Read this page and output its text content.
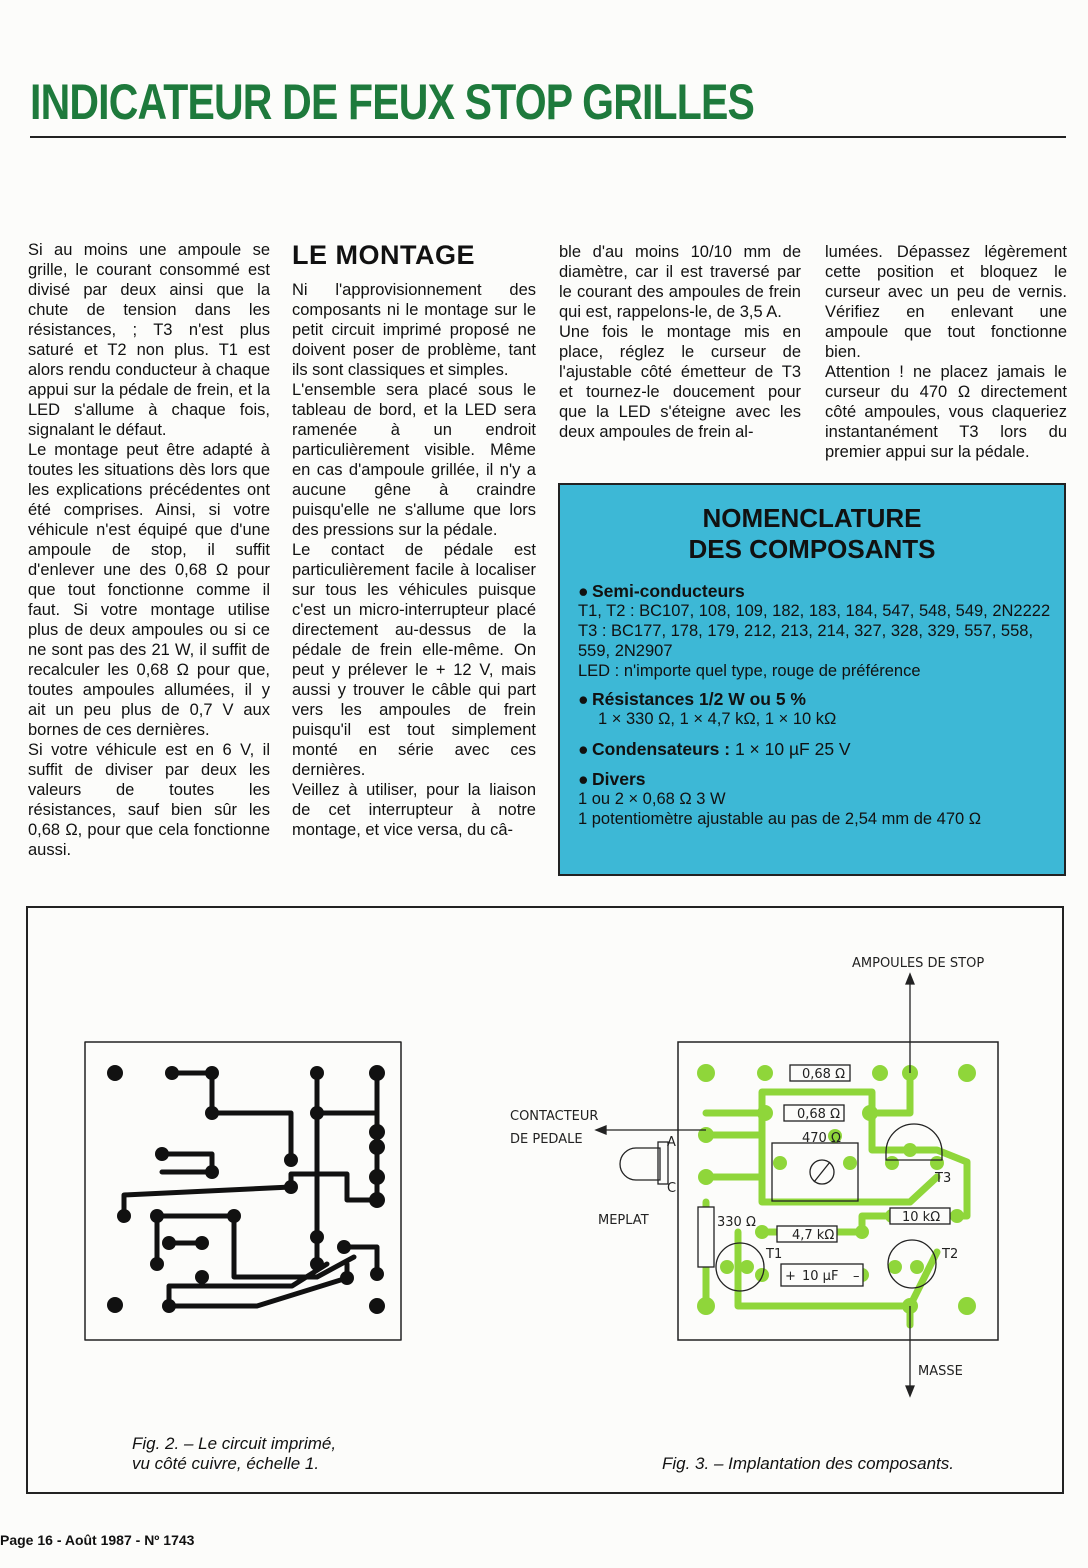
INDICATEUR DE FEUX STOP GRILLES

Si au moins une ampoule se grille, le courant consommé est divisé par deux ainsi que la chute de tension dans les résistances, ; T3 n'est plus saturé et T2 non plus. T1 est alors rendu conducteur à chaque appui sur la pédale de frein, et la LED s'allume à chaque fois, signalant le défaut.

Le montage peut être adapté à toutes les situations dès lors que les explications précédentes ont été comprises. Ainsi, si votre véhicule n'est équipé que d'une ampoule de stop, il suffit d'enlever une des 0,68 Ω pour que tout fonctionne comme il faut. Si votre montage utilise plus de deux ampoules ou si ce ne sont pas des 21 W, il suffit de recalculer les 0,68 Ω pour que, toutes ampoules allumées, il y ait un peu plus de 0,7 V aux bornes de ces dernières.

Si votre véhicule est en 6 V, il suffit de diviser par deux les valeurs de toutes les résistances, sauf bien sûr les 0,68 Ω, pour que cela fonctionne aussi.

LE MONTAGE

Ni l'approvisionnement des composants ni le montage sur le petit circuit imprimé proposé ne doivent poser de problème, tant ils sont classiques et simples.

L'ensemble sera placé sous le tableau de bord, et la LED sera ramenée à un endroit particulièrement visible. Même en cas d'ampoule grillée, il n'y a aucune gêne à craindre puisqu'elle ne s'allume que lors des pressions sur la pédale.

Le contact de pédale est particulièrement facile à localiser sur tous les véhicules puisque c'est un micro-interrupteur placé directement au-dessus de la pédale de frein elle-même. On peut y prélever le + 12 V, mais aussi y trouver le câble qui part vers les ampoules de frein puisqu'il est tout simplement monté en série avec ces dernières.

Veillez à utiliser, pour la liaison de cet interrupteur à notre montage, et vice versa, du câ-

ble d'au moins 10/10 mm de diamètre, car il est traversé par le courant des ampoules de frein qui est, rappelons-le, de 3,5 A.

Une fois le montage mis en place, réglez le curseur de l'ajustable côté émetteur de T3 et tournez-le doucement pour que la LED s'éteigne avec les deux ampoules de frein al-

lumées. Dépassez légèrement cette position et bloquez le curseur avec un peu de vernis. Vérifiez en enlevant une ampoule que tout fonctionne bien.

Attention ! ne placez jamais le curseur du 470 Ω directement côté ampoules, vous claqueriez instantanément T3 lors du premier appui sur la pédale.

NOMENCLATURE
DES COMPOSANTS
● Semi-conducteurs
T1, T2 : BC107, 108, 109, 182, 183, 184, 547, 548, 549, 2N2222
T3 : BC177, 178, 179, 212, 213, 214, 327, 328, 329, 557, 558, 559, 2N2907
LED : n'importe quel type, rouge de préférence
● Résistances 1/2 W ou 5 %
1 × 330 Ω, 1 × 4,7 kΩ, 1 × 10 kΩ
● Condensateurs : 1 × 10 µF 25 V
● Divers
1 ou 2 × 0,68 Ω 3 W
1 potentiomètre ajustable au pas de 2,54 mm de 470 Ω
AMPOULES DE STOP
CONTACTEUR
DE PEDALE
MEPLAT
MASSE
A
C
0,68 Ω
0,68 Ω
470 Ω
330 Ω
4,7 kΩ
10 kΩ
10 µF
+	–
T1	T2
T3
Fig. 2. – Le circuit imprimé,
vu côté cuivre, échelle 1.	Fig. 3. – Implantation des composants.
Page 16 - Août 1987 - Nº 1743
